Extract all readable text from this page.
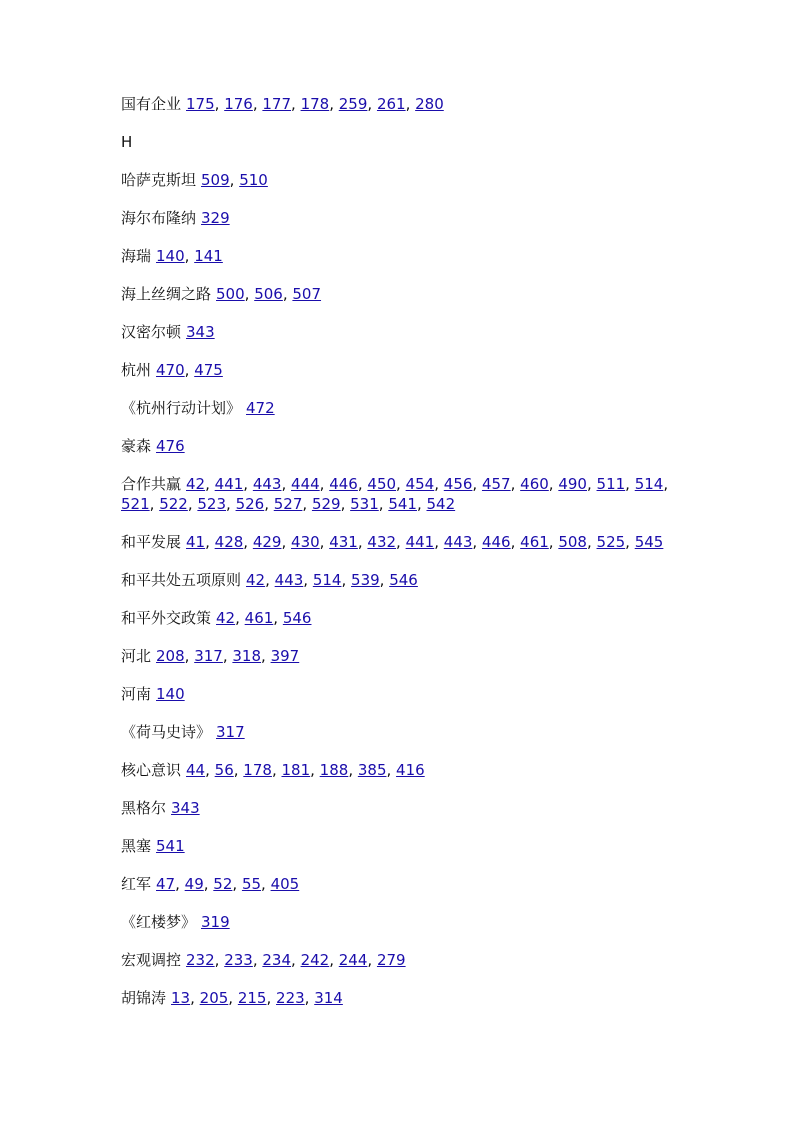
国有企业 175, 176, 177, 178, 259, 261, 280
H
哈萨克斯坦 509, 510
海尔布隆纳 329
海瑞 140, 141
海上丝绸之路 500, 506, 507
汉密尔顿 343
杭州 470, 475
《杭州行动计划》 472
豪森 476
合作共赢 42, 441, 443, 444, 446, 450, 454, 456, 457, 460, 490, 511, 514, 521, 522, 523, 526, 527, 529, 531, 541, 542
和平发展 41, 428, 429, 430, 431, 432, 441, 443, 446, 461, 508, 525, 545
和平共处五项原则 42, 443, 514, 539, 546
和平外交政策 42, 461, 546
河北 208, 317, 318, 397
河南 140
《荷马史诗》 317
核心意识 44, 56, 178, 181, 188, 385, 416
黑格尔 343
黑塞 541
红军 47, 49, 52, 55, 405
《红楼梦》 319
宏观调控 232, 233, 234, 242, 244, 279
胡锦涛 13, 205, 215, 223, 314
